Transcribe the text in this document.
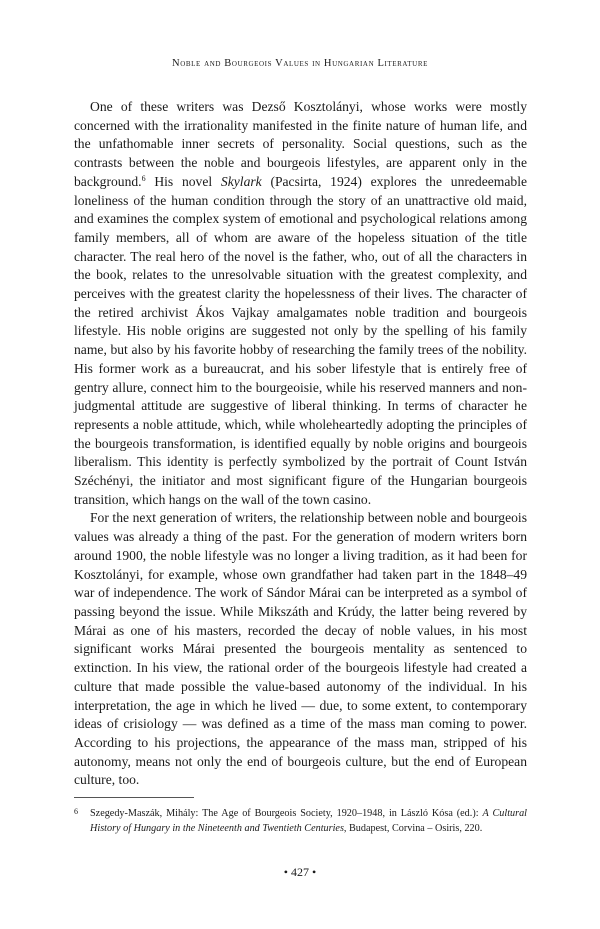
Noble and Bourgeois Values in Hungarian Literature

One of these writers was Dezső Kosztolányi, whose works were mostly concerned with the irrationality manifested in the finite nature of human life, and the unfathomable inner secrets of personality. Social questions, such as the contrasts between the noble and bourgeois lifestyles, are apparent only in the background.$^6$ His novel Skylark (Pacsirta, 1924) explores the unredeemable loneliness of the human condition through the story of an unattractive old maid, and examines the complex system of emotional and psychological relations among family members, all of whom are aware of the hopeless situation of the title character. The real hero of the novel is the father, who, out of all the characters in the book, relates to the unresolvable situation with the greatest complexity, and perceives with the greatest clarity the hopelessness of their lives. The character of the retired archivist Ákos Vajkay amalgamates noble tradition and bourgeois lifestyle. His noble origins are suggested not only by the spelling of his family name, but also by his favorite hobby of researching the family trees of the nobility. His former work as a bureaucrat, and his sober lifestyle that is entirely free of gentry allure, connect him to the bourgeoisie, while his reserved manners and non-judgmental attitude are suggestive of liberal thinking. In terms of character he represents a noble attitude, which, while wholeheartedly adopting the principles of the bourgeois transformation, is identified equally by noble origins and bourgeois liberalism. This identity is perfectly symbolized by the portrait of Count István Széchényi, the initiator and most significant figure of the Hungarian bourgeois transition, which hangs on the wall of the town casino.

For the next generation of writers, the relationship between noble and bourgeois values was already a thing of the past. For the generation of modern writers born around 1900, the noble lifestyle was no longer a living tradition, as it had been for Kosztolányi, for example, whose own grandfather had taken part in the 1848–49 war of independence. The work of Sándor Márai can be interpreted as a symbol of passing beyond the issue. While Mikszáth and Krúdy, the latter being revered by Márai as one of his masters, recorded the decay of noble values, in his most significant works Márai presented the bourgeois mentality as sentenced to extinction. In his view, the rational order of the bourgeois lifestyle had created a culture that made possible the value-based autonomy of the individual. In his interpretation, the age in which he lived — due, to some extent, to contemporary ideas of crisiology — was defined as a time of the mass man coming to power. According to his projections, the appearance of the mass man, stripped of his autonomy, means not only the end of bourgeois culture, but the end of European culture, too.

6	Szegedy-Maszák, Mihály: The Age of Bourgeois Society, 1920–1948, in László Kósa (ed.): A Cultural History of Hungary in the Nineteenth and Twentieth Centuries, Budapest, Corvina – Osiris, 220.
• 427 •
